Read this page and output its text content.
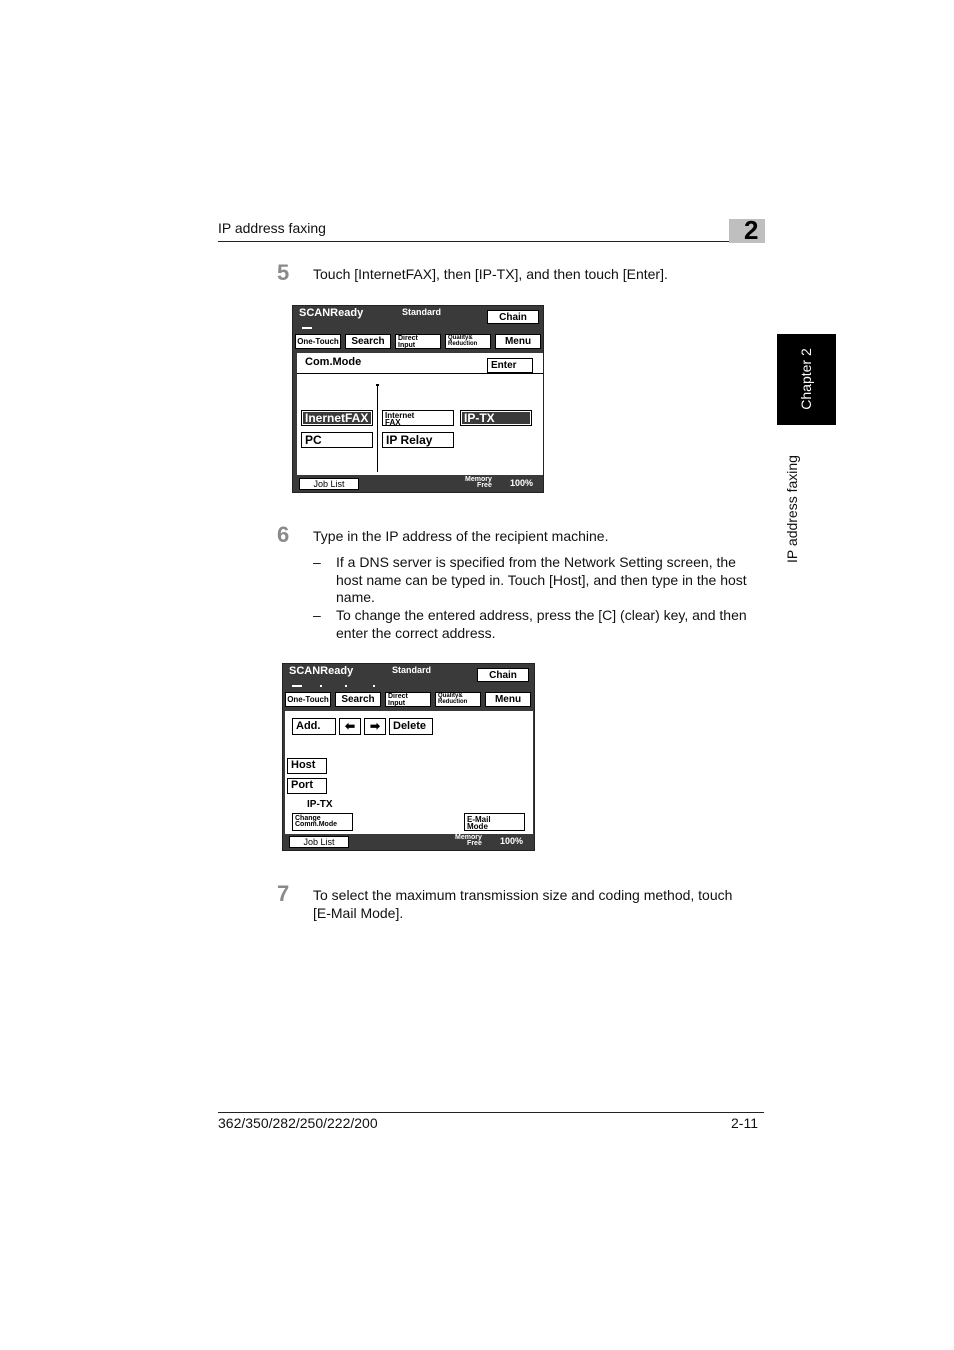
IP address faxing	2
Chapter 2
IP address faxing
5 Touch [InternetFAX], then [IP-TX], and then touch [Enter].
SCANReady	Standard	Chain
One-Touch	Search	Direct
Input
Quality&
Reduction	Menu
Com.Mode	Enter
InernetFAX	Internet
FAX	IP-TX
PC	IP Relay
Job List	Memory
Free 100%
6 Type in the IP address of the recipient machine.
– If a DNS server is specified from the Network Setting screen, the
host name can be typed in. Touch [Host], and then type in the host
name.
– To change the entered address, press the [C] (clear) key, and then
enter the correct address.
SCANReady	Standard	Chain
One-Touch	Search	Direct
Input
Quality&
Reduction	Menu
Add.	⬅	➡	Delete
Host
Port
IP-TX
Change
Comm.Mode
E-Mail
Mode
Job List	Memory
Free 100%
7 To select the maximum transmission size and coding method, touch
[E-Mail Mode].
362/350/282/250/222/200	2-11
